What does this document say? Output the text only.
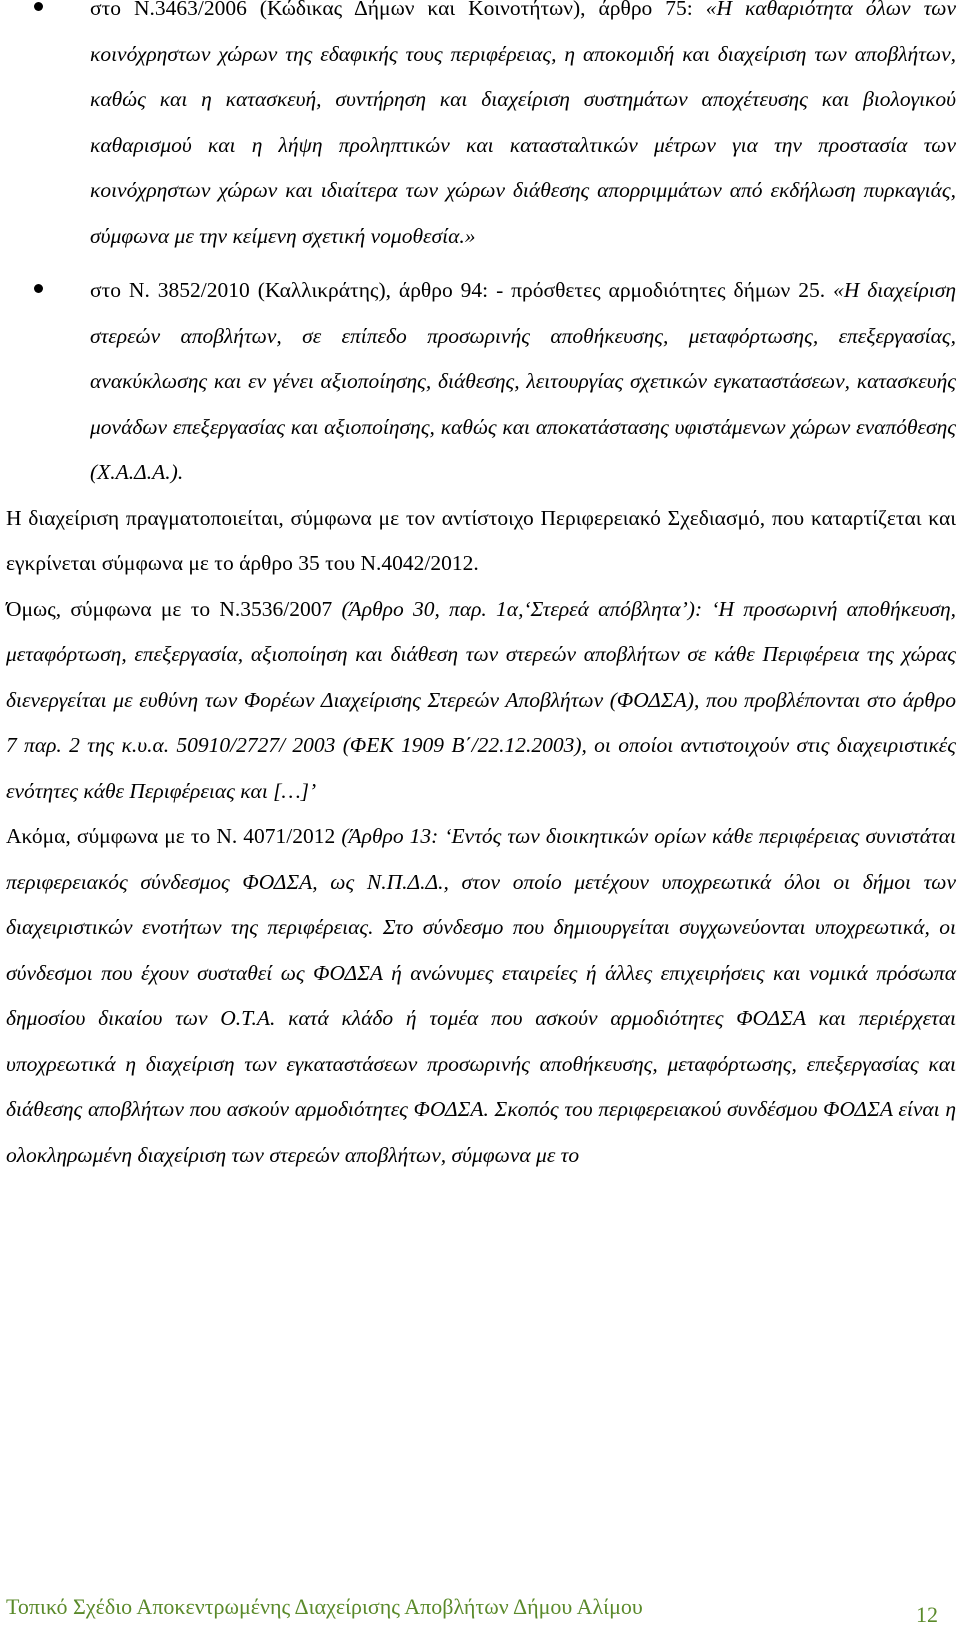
στο Ν.3463/2006 (Κώδικας Δήμων και Κοινοτήτων), άρθρο 75: «Η καθαριότητα όλων των κοινόχρηστων χώρων της εδαφικής τους περιφέρειας, η αποκομιδή και διαχείριση των αποβλήτων, καθώς και η κατασκευή, συντήρηση και διαχείριση συστημάτων αποχέτευσης και βιολογικού καθαρισμού και η λήψη προληπτικών και κατασταλτικών μέτρων για την προστασία των κοινόχρηστων χώρων και ιδιαίτερα των χώρων διάθεσης απορριμμάτων από εκδήλωση πυρκαγιάς, σύμφωνα με την κείμενη σχετική νομοθεσία.»
στο Ν. 3852/2010 (Καλλικράτης), άρθρο 94: - πρόσθετες αρμοδιότητες δήμων 25. «Η διαχείριση στερεών αποβλήτων, σε επίπεδο προσωρινής αποθήκευσης, μεταφόρτωσης, επεξεργασίας, ανακύκλωσης και εν γένει αξιοποίησης, διάθεσης, λειτουργίας σχετικών εγκαταστάσεων, κατασκευής μονάδων επεξεργασίας και αξιοποίησης, καθώς και αποκατάστασης υφιστάμενων χώρων εναπόθεσης (Χ.Α.Δ.Α.).

Η διαχείριση πραγματοποιείται, σύμφωνα με τον αντίστοιχο Περιφερειακό Σχεδιασμό, που καταρτίζεται και εγκρίνεται σύμφωνα με το άρθρο 35 του Ν.4042/2012.

Όμως, σύμφωνα με το Ν.3536/2007 (Άρθρο 30, παρ. 1α,‘Στερεά απόβλητα’): ‘Η προσωρινή αποθήκευση, μεταφόρτωση, επεξεργασία, αξιοποίηση και διάθεση των στερεών αποβλήτων σε κάθε Περιφέρεια της χώρας διενεργείται με ευθύνη των Φορέων Διαχείρισης Στερεών Αποβλήτων (ΦΟΔΣΑ), που προβλέπονται στο άρθρο 7 παρ. 2 της κ.υ.α. 50910/2727/ 2003 (ΦΕΚ 1909 Β΄/22.12.2003), οι οποίοι αντιστοιχούν στις διαχειριστικές ενότητες κάθε Περιφέρειας και […]’

Ακόμα, σύμφωνα με το Ν. 4071/2012 (Άρθρο 13: ‘Εντός των διοικητικών ορίων κάθε περιφέρειας συνιστάται περιφερειακός σύνδεσμος ΦΟΔΣΑ, ως Ν.Π.Δ.Δ., στον οποίο μετέχουν υποχρεωτικά όλοι οι δήμοι των διαχειριστικών ενοτήτων της περιφέρειας. Στο σύνδεσμο που δημιουργείται συγχωνεύονται υποχρεωτικά, οι σύνδεσμοι που έχουν συσταθεί ως ΦΟΔΣΑ ή ανώνυμες εταιρείες ή άλλες επιχειρήσεις και νομικά πρόσωπα δημοσίου δικαίου των Ο.Τ.Α. κατά κλάδο ή τομέα που ασκούν αρμοδιότητες ΦΟΔΣΑ και περιέρχεται υποχρεωτικά η διαχείριση των εγκαταστάσεων προσωρινής αποθήκευσης, μεταφόρτωσης, επεξεργασίας και διάθεσης αποβλήτων που ασκούν αρμοδιότητες ΦΟΔΣΑ. Σκοπός του περιφερειακού συνδέσμου ΦΟΔΣΑ είναι η ολοκληρωμένη διαχείριση των στερεών αποβλήτων, σύμφωνα με το

Τοπικό Σχέδιο Αποκεντρωμένης Διαχείρισης Αποβλήτων Δήμου Αλίμου	12
